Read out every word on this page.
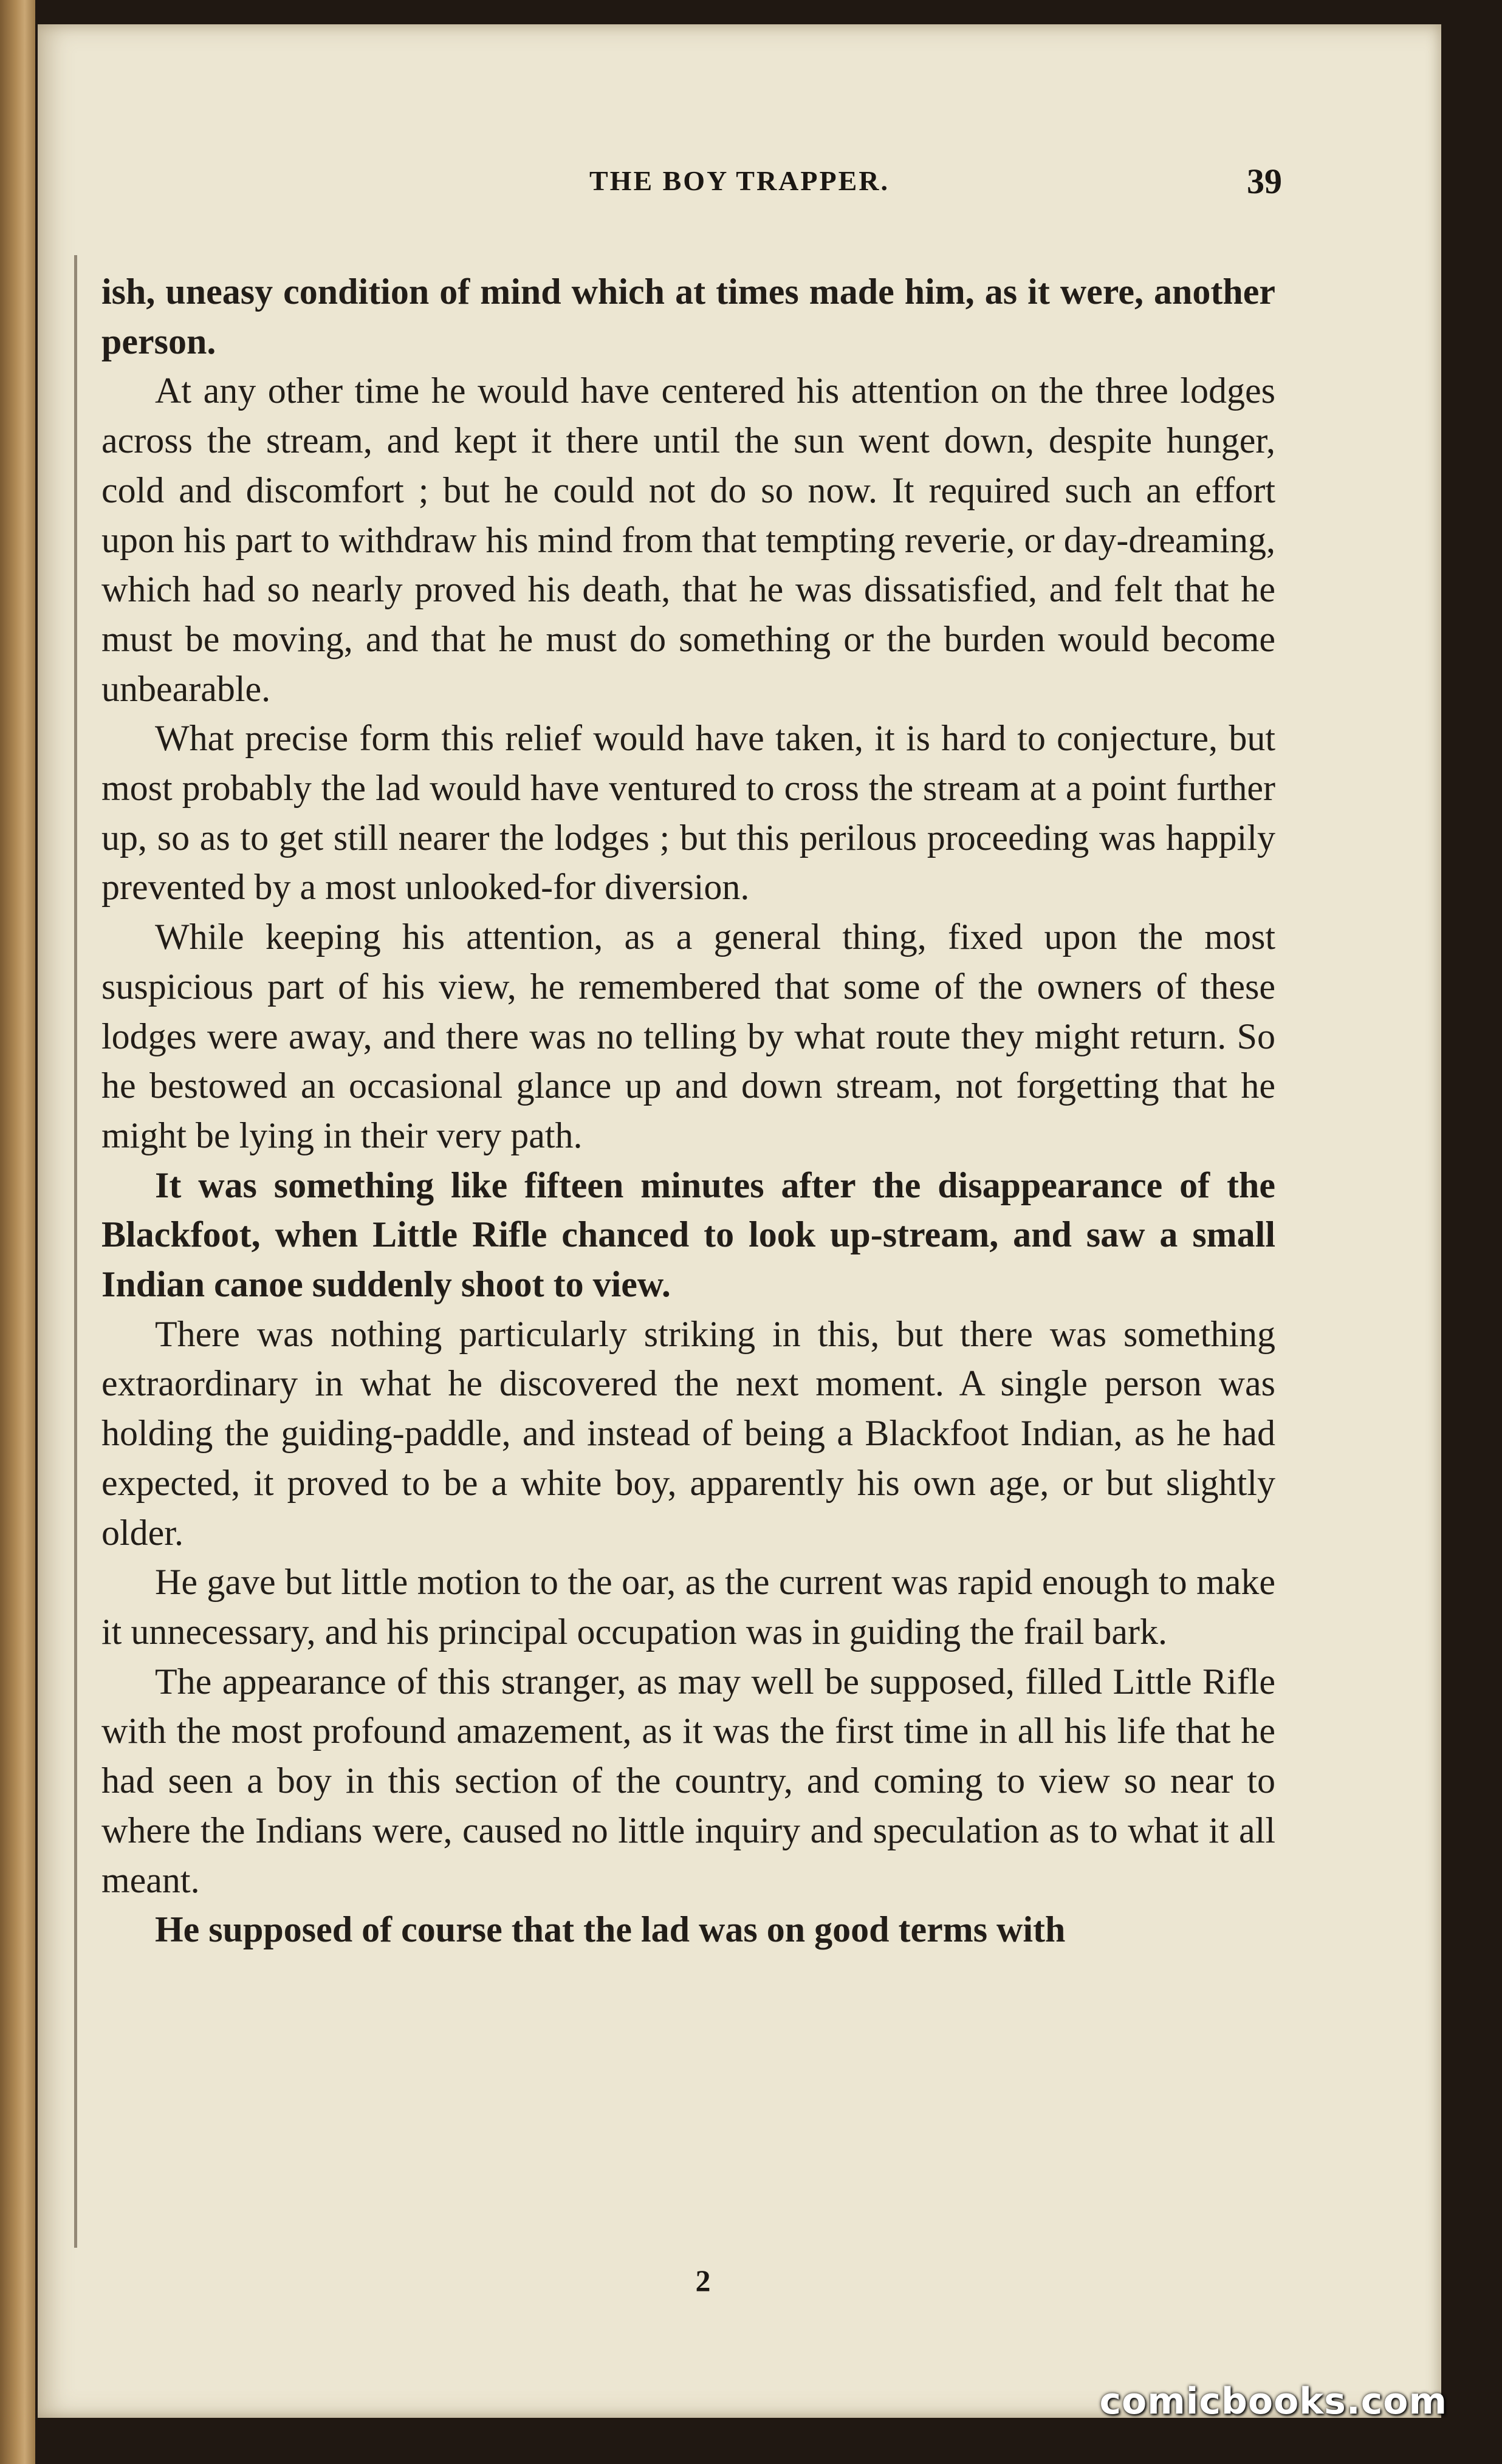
THE BOY TRAPPER.	39

ish, uneasy condition of mind which at times made him, as it were, another person.

At any other time he would have centered his attention on the three lodges across the stream, and kept it there until the sun went down, despite hunger, cold and discomfort ; but he could not do so now. It required such an effort upon his part to withdraw his mind from that tempting reverie, or day-dreaming, which had so nearly proved his death, that he was dissatisfied, and felt that he must be moving, and that he must do something or the burden would become unbearable.

What precise form this relief would have taken, it is hard to conjecture, but most probably the lad would have ventured to cross the stream at a point further up, so as to get still nearer the lodges ; but this perilous proceeding was happily prevented by a most unlooked-for diversion.

While keeping his attention, as a general thing, fixed upon the most suspicious part of his view, he remembered that some of the owners of these lodges were away, and there was no telling by what route they might return. So he bestowed an occasional glance up and down stream, not forgetting that he might be lying in their very path.

It was something like fifteen minutes after the disappearance of the Blackfoot, when Little Rifle chanced to look up-stream, and saw a small Indian canoe suddenly shoot to view.

There was nothing particularly striking in this, but there was something extraordinary in what he discovered the next moment. A single person was holding the guiding-paddle, and instead of being a Blackfoot Indian, as he had expected, it proved to be a white boy, apparently his own age, or but slightly older.

He gave but little motion to the oar, as the current was rapid enough to make it unnecessary, and his principal occupation was in guiding the frail bark.

The appearance of this stranger, as may well be supposed, filled Little Rifle with the most profound amazement, as it was the first time in all his life that he had seen a boy in this section of the country, and coming to view so near to where the Indians were, caused no little inquiry and speculation as to what it all meant.

He supposed of course that the lad was on good terms with

2
comicbooks.com
